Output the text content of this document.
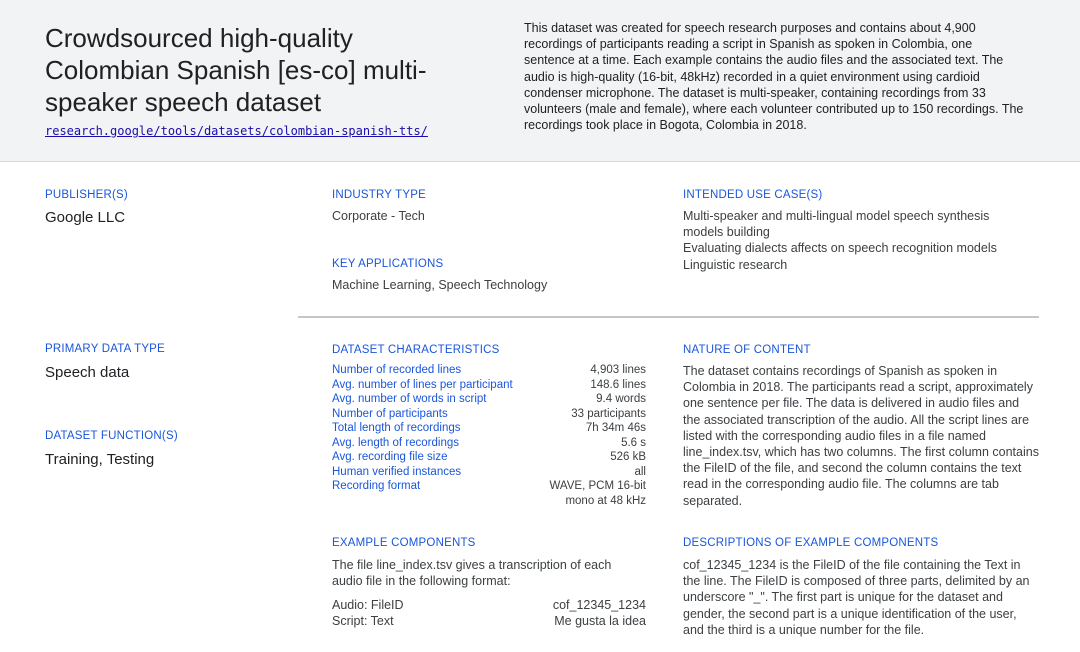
Crowdsourced high-quality Colombian Spanish [es-co] multi-speaker speech dataset
research.google/tools/datasets/colombian-spanish-tts/

This dataset was created for speech research purposes and contains about 4,900 recordings of participants reading a script in Spanish as spoken in Colombia, one sentence at a time. Each example contains the audio files and the associated text. The audio is high-quality (16-bit, 48kHz) recorded in a quiet environment using cardioid condenser microphone. The dataset is multi-speaker, containing recordings from 33 volunteers (male and female), where each volunteer contributed up to 150 recordings. The recordings took place in Bogota, Colombia in 2018.

PUBLISHER(S)
Google LLC
INDUSTRY TYPE
Corporate - Tech
KEY APPLICATIONS
Machine Learning, Speech Technology
INTENDED USE CASE(S)
Multi-speaker and multi-lingual model speech synthesis models building
Evaluating dialects affects on speech recognition models
Linguistic research
PRIMARY DATA TYPE
Speech data
DATASET FUNCTION(S)
Training, Testing
DATASET CHARACTERISTICS
Number of recorded lines	4,903 lines
Avg. number of lines per participant	148.6 lines
Avg. number of words in script	9.4 words
Number of participants	33 participants
Total length of recordings	7h 34m 46s
Avg. length of recordings	5.6 s
Avg. recording file size	526 kB
Human verified instances	all
Recording format	WAVE, PCM 16-bit
mono at 48 kHz
NATURE OF CONTENT
The dataset contains recordings of Spanish as spoken in Colombia in 2018. The participants read a script, approximately one sentence per file. The data is delivered in audio files and the associated transcription of the audio. All the script lines are listed with the corresponding audio files in a file named line_index.tsv, which has two columns. The first column contains the FileID of the file, and second the column contains the text read in the corresponding audio file. The columns are tab separated.
EXAMPLE COMPONENTS
The file line_index.tsv gives a transcription of each audio file in the following format:
Audio: FileID	cof_12345_1234
Script: Text	Me gusta la idea
DESCRIPTIONS OF EXAMPLE COMPONENTS
cof_12345_1234 is the FileID of the file containing the Text in the line. The FileID is composed of three parts, delimited by an underscore "_". The first part is unique for the dataset and gender, the second part is a unique identification of the user, and the third is a unique number for the file.
